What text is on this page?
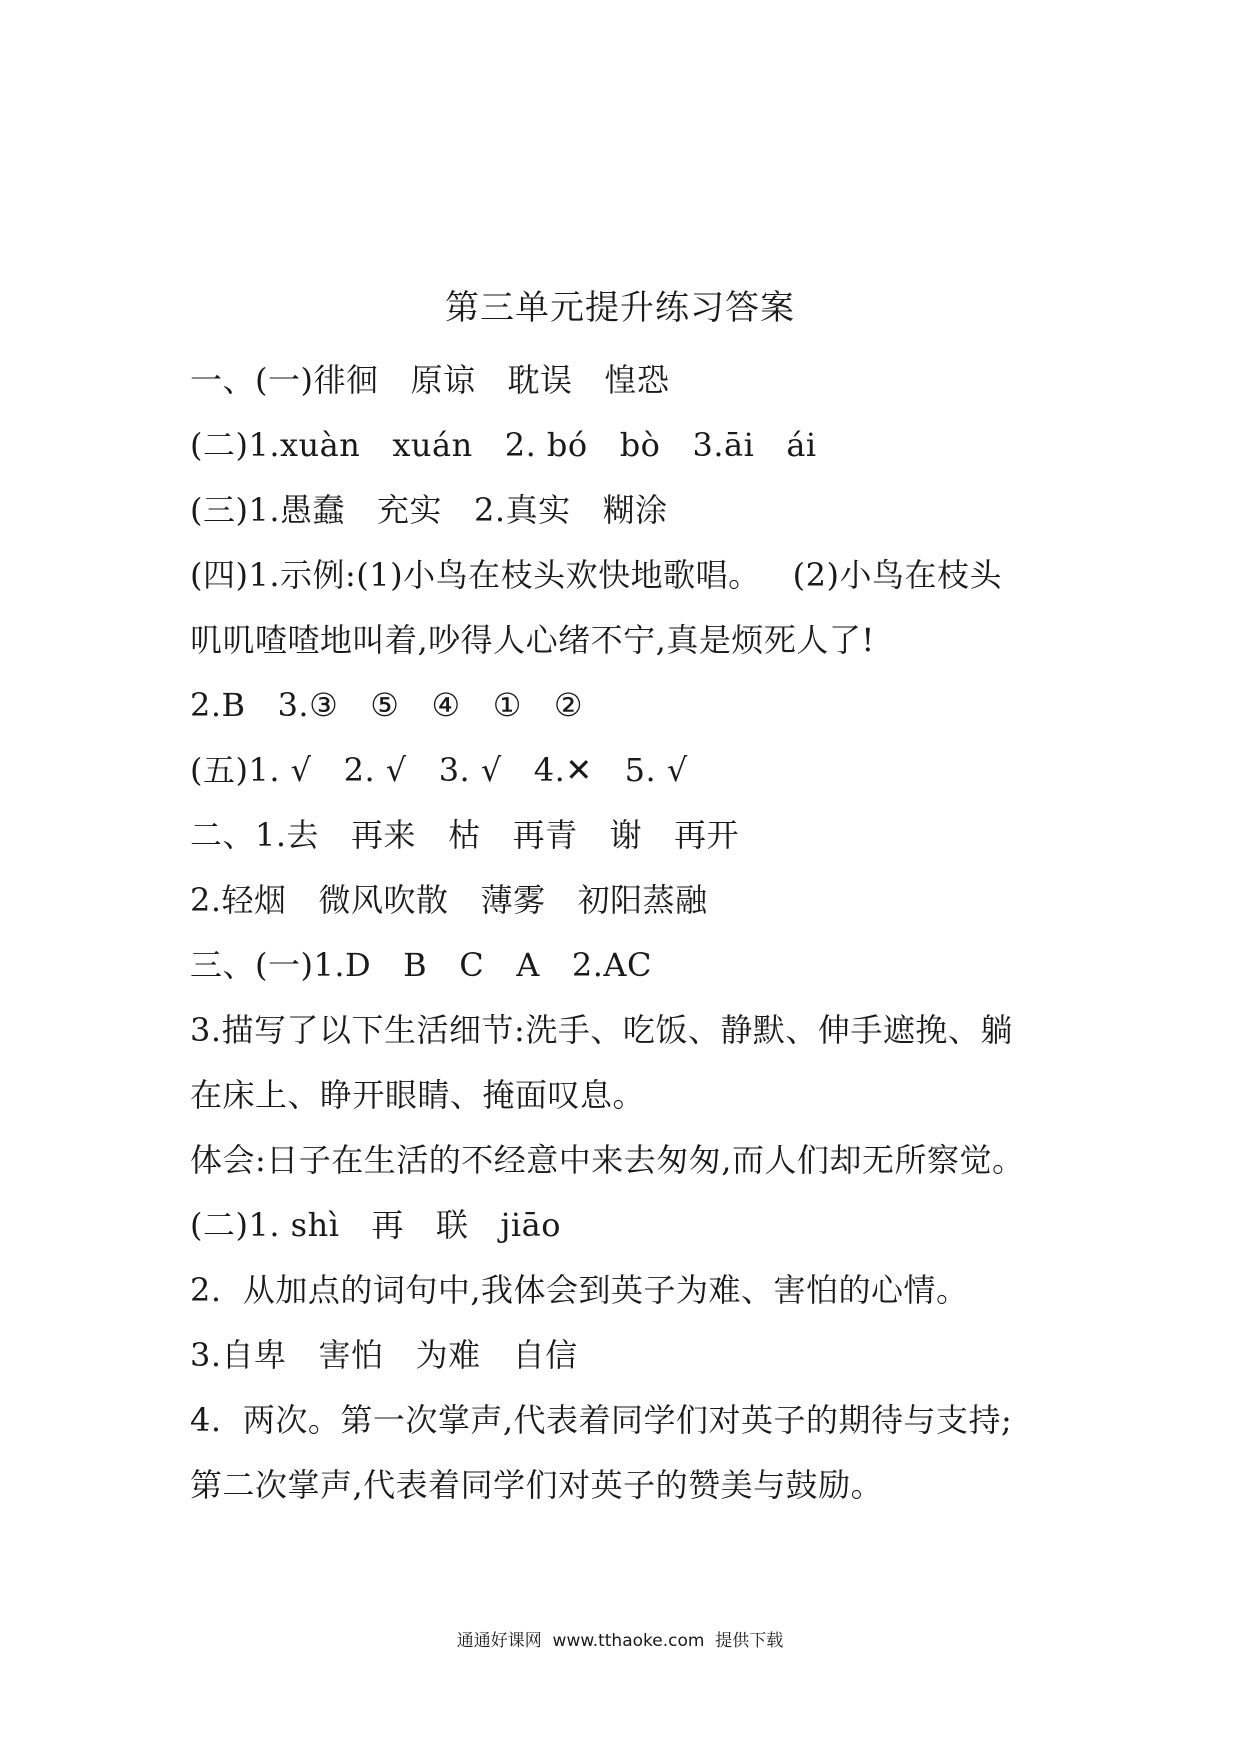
第三单元提升练习答案
一、(一)徘徊   原谅   耽误   惶恐
(二)1.xuàn   xuán   2. bó   bò   3.āi   ái
(三)1.愚蠢   充实   2.真实   糊涂
(四)1.示例:(1)小鸟在枝头欢快地歌唱。   (2)小鸟在枝头
叽叽喳喳地叫着,吵得人心绪不宁,真是烦死人了!
2.B   3.③   ⑤   ④   ①   ②
(五)1. √   2. √   3. √   4.✕   5. √
二、1.去   再来   枯   再青   谢   再开
2.轻烟   微风吹散   薄雾   初阳蒸融
三、(一)1.D   B   C   A   2.AC
3.描写了以下生活细节:洗手、吃饭、静默、伸手遮挽、躺
在床上、睁开眼睛、掩面叹息。
体会:日子在生活的不经意中来去匆匆,而人们却无所察觉。
(二)1. shì   再   联   jiāo
2.  从加点的词句中,我体会到英子为难、害怕的心情。
3.自卑   害怕   为难   自信
4.  两次。第一次掌声,代表着同学们对英子的期待与支持;
第二次掌声,代表着同学们对英子的赞美与鼓励。
通通好课网  www.tthaoke.com  提供下载
